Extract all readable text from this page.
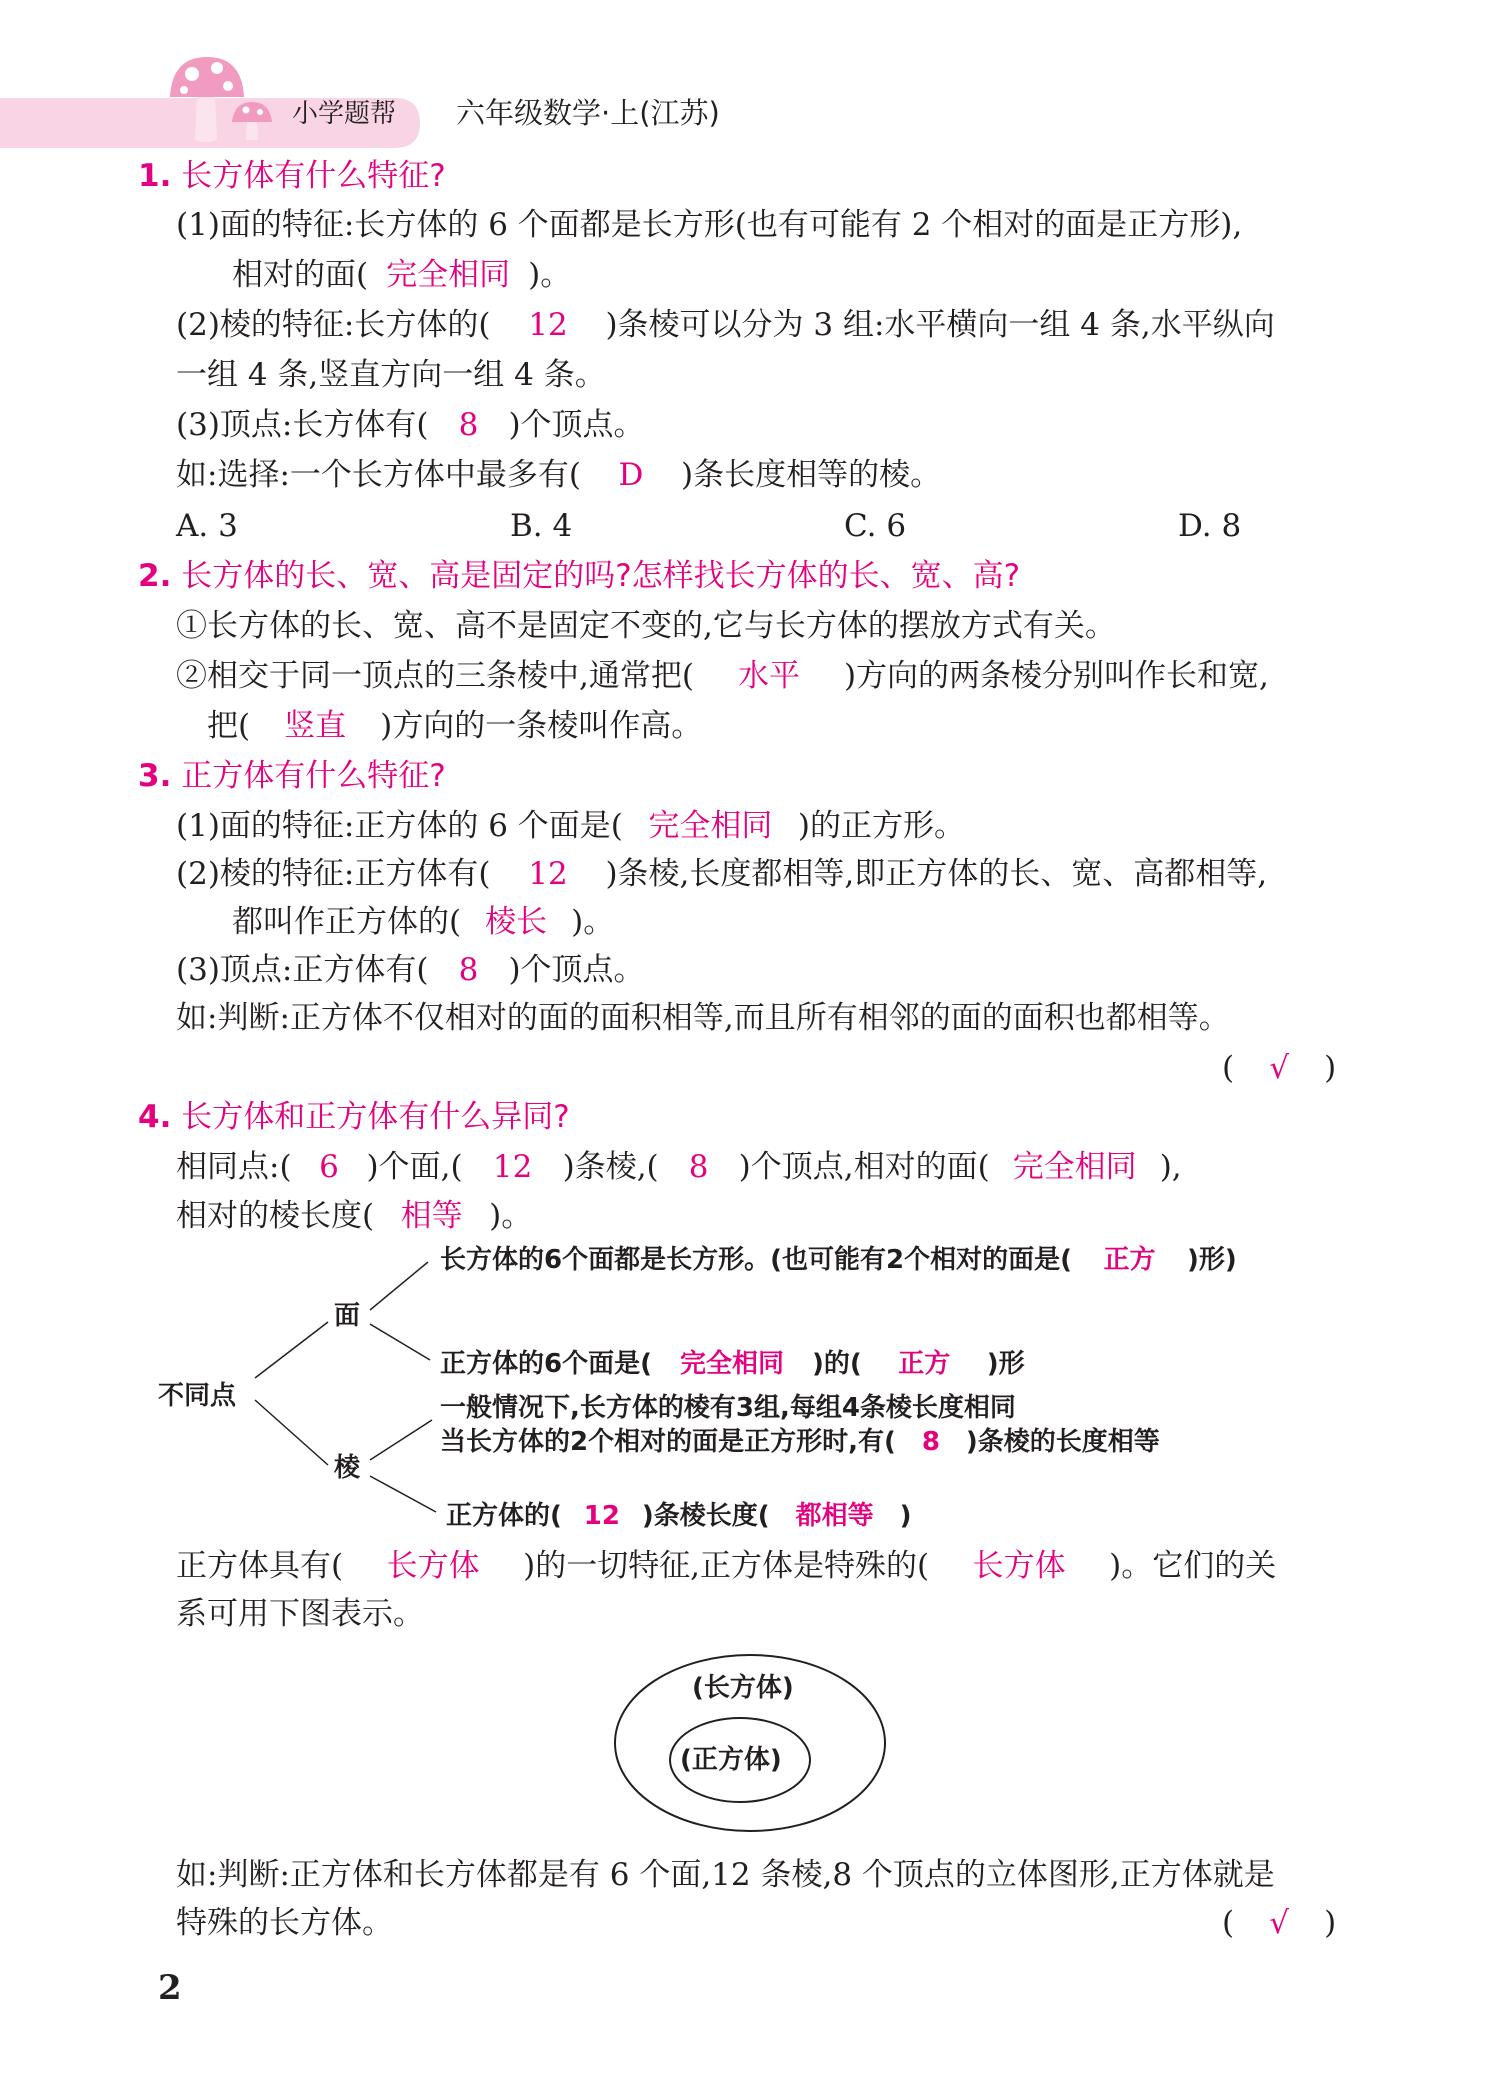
小学题帮 六年级数学·上(江苏)
1. 长方体有什么特征?
(1)面的特征:长方体的 6 个面都是长方形(也有可能有 2 个相对的面是正方形),
相对的面( 完全相同 )。
(2)棱的特征:长方体的( 12 )条棱可以分为 3 组:水平横向一组 4 条,水平纵向
一组 4 条,竖直方向一组 4 条。
(3)顶点:长方体有( 8 )个顶点。
如:选择:一个长方体中最多有( D )条长度相等的棱。
A. 3	B. 4	C. 6	D. 8
2. 长方体的长、宽、高是固定的吗?怎样找长方体的长、宽、高?
①长方体的长、宽、高不是固定不变的,它与长方体的摆放方式有关。
②相交于同一顶点的三条棱中,通常把( 水平 )方向的两条棱分别叫作长和宽,
把( 竖直 )方向的一条棱叫作高。
3. 正方体有什么特征?
(1)面的特征:正方体的 6 个面是( 完全相同 )的正方形。
(2)棱的特征:正方体有( 12 )条棱,长度都相等,即正方体的长、宽、高都相等,
都叫作正方体的( 棱长 )。
(3)顶点:正方体有( 8 )个顶点。
如:判断:正方体不仅相对的面的面积相等,而且所有相邻的面的面积也都相等。
( √ )
4. 长方体和正方体有什么异同?
相同点:( 6 )个面,( 12 )条棱,( 8 )个顶点,相对的面( 完全相同 ),
相对的棱长度( 相等 )。
不同点
面
棱
长方体的6个面都是长方形。(也可能有2个相对的面是( 正方 )形)
正方体的6个面是( 完全相同 )的( 正方 )形
一般情况下,长方体的棱有3组,每组4条棱长度相同
当长方体的2个相对的面是正方形时,有( 8 )条棱的长度相等
正方体的( 12 )条棱长度( 都相等 )
正方体具有( 长方体 )的一切特征,正方体是特殊的( 长方体 )。它们的关
系可用下图表示。
(长方体)
(正方体)
如:判断:正方体和长方体都是有 6 个面,12 条棱,8 个顶点的立体图形,正方体就是
特殊的长方体。	( √ )
2
